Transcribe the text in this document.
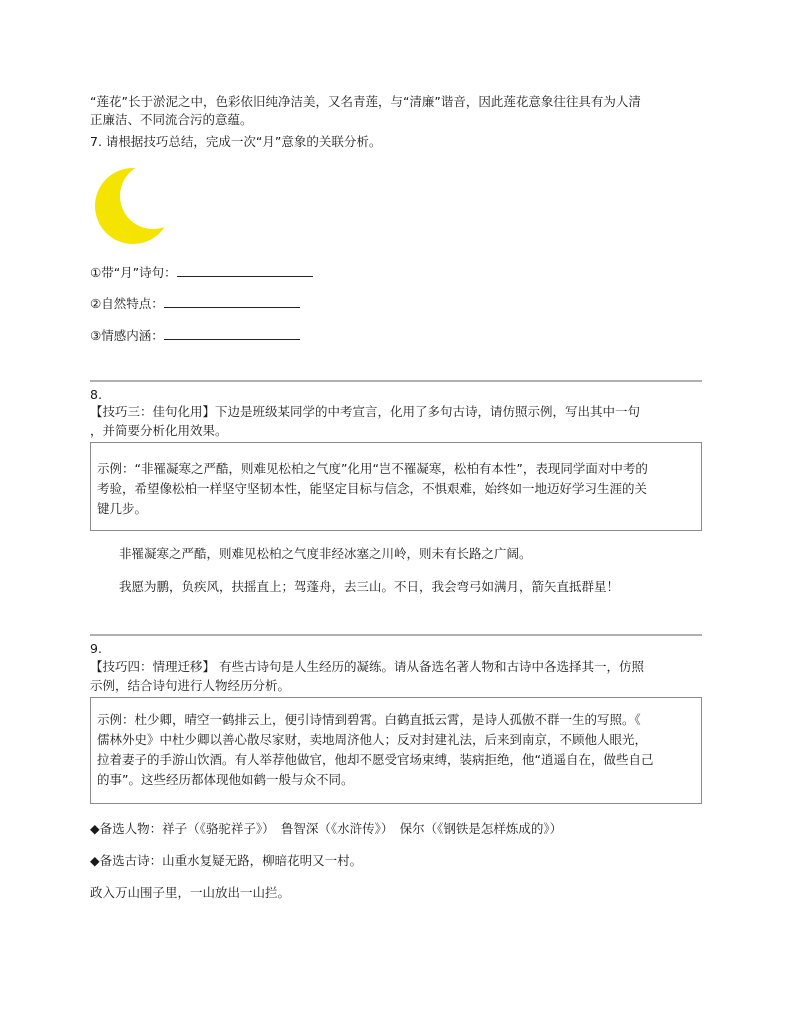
“莲花”长于淤泥之中，色彩依旧纯净洁美，又名青莲，与“清廉”谐音，因此莲花意象往往具有为人清
正廉洁、不同流合污的意蕴。
7. 请根据技巧总结，完成一次“月”意象的关联分析。
①带“月”诗句：
②自然特点：
③情感内涵：
8.
【技巧三：佳句化用】下边是班级某同学的中考宣言，化用了多句古诗，请仿照示例，写出其中一句
，并简要分析化用效果。
示例：“非罹凝寒之严酷，则难见松柏之气度”化用“岂不罹凝寒，松柏有本性”，表现同学面对中考的
考验，希望像松柏一样坚守坚韧本性，能坚定目标与信念，不惧艰难，始终如一地迈好学习生涯的关
键几步。
非罹凝寒之严酷，则难见松柏之气度非经冰塞之川岭，则未有长路之广阔。
我愿为鹏，负疾风，扶摇直上；驾蓬舟，去三山。不日，我会弯弓如满月，箭矢直抵群星！
9.
【技巧四：情理迁移】 有些古诗句是人生经历的凝练。请从备选名著人物和古诗中各选择其一，仿照
示例，结合诗句进行人物经历分析。
示例：杜少卿，晴空一鹤排云上，便引诗情到碧霄。白鹤直抵云霄，是诗人孤傲不群一生的写照。《
儒林外史》中杜少卿以善心散尽家财，卖地周济他人；反对封建礼法，后来到南京，不顾他人眼光，
拉着妻子的手游山饮酒。有人举荐他做官，他却不愿受官场束缚，装病拒绝，他“逍遥自在，做些自己
的事”。这些经历都体现他如鹤一般与众不同。
◆备选人物：祥子（《骆驼祥子》）　鲁智深（《水浒传》）　保尔（《钢铁是怎样炼成的》）
◆备选古诗：山重水复疑无路，柳暗花明又一村。
政入万山围子里，一山放出一山拦。
